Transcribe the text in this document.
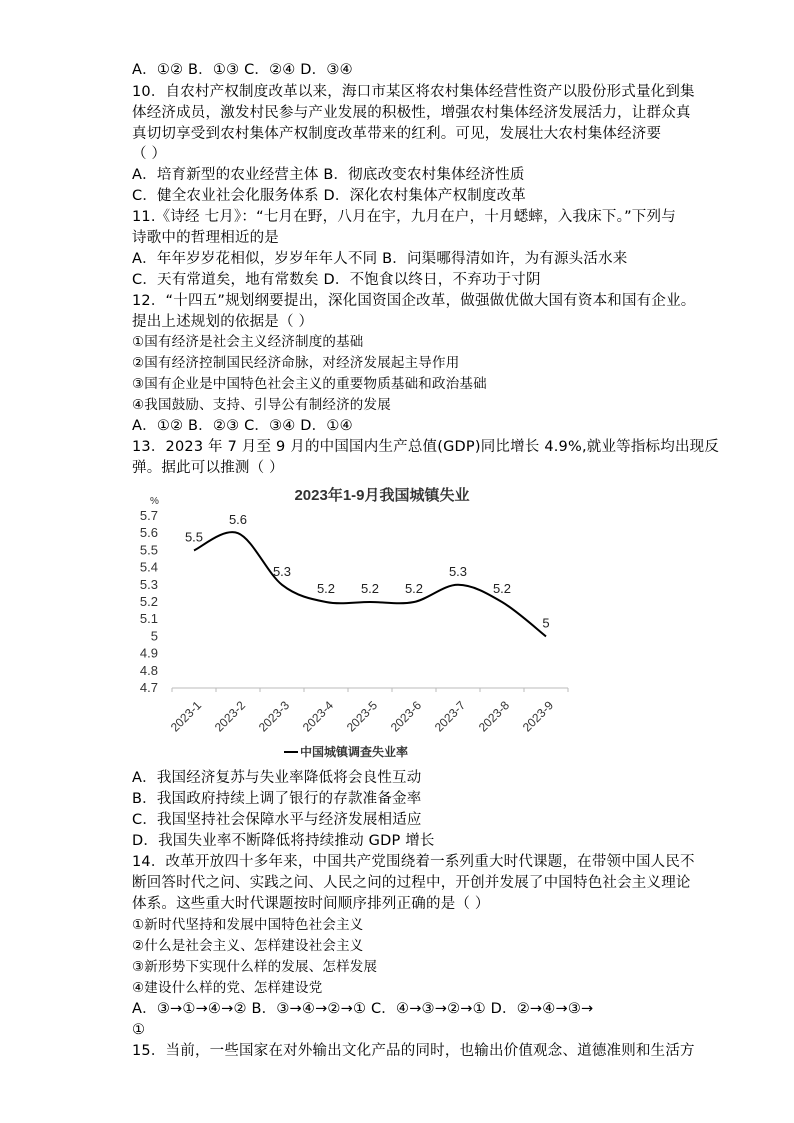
A．①② B．①③ C．②④ D．③④
10．自农村产权制度改革以来，海口市某区将农村集体经营性资产以股份形式量化到集
体经济成员，激发村民参与产业发展的积极性，增强农村集体经济发展活力，让群众真
真切切享受到农村集体产权制度改革带来的红利。可见，发展壮大农村集体经济要
（ ）
A．培育新型的农业经营主体 B．彻底改变农村集体经济性质
C．健全农业社会化服务体系 D．深化农村集体产权制度改革
11.《诗经 七月》：“七月在野，八月在宇，九月在户，十月蟋蟀，入我床下。”下列与
诗歌中的哲理相近的是
A．年年岁岁花相似，岁岁年年人不同 B．问渠哪得清如许，为有源头活水来
C．天有常道矣，地有常数矣 D．不饱食以终日，不弃功于寸阴
12．“十四五”规划纲要提出，深化国资国企改革，做强做优做大国有资本和国有企业。
提出上述规划的依据是（ ）
①国有经济是社会主义经济制度的基础
②国有经济控制国民经济命脉，对经济发展起主导作用
③国有企业是中国特色社会主义的重要物质基础和政治基础
④我国鼓励、支持、引导公有制经济的发展
A．①② B．②③ C．③④ D．①④
13．2023 年 7 月至 9 月的中国国内生产总值(GDP)同比增长 4.9%,就业等指标均出现反
弹。据此可以推测（ ）
2023年1-9月我国城镇失业
%
4.7
4.8
4.9
5
5.1
5.2
5.3
5.4
5.5
5.6
5.7
2023-1 2023-2 2023-3 2023-4 2023-5 2023-6 2023-7 2023-8 2023-9
5.5
5.6
5.3
5.2 5.2 5.2
5.3
5.2
5
中国城镇调查失业率
A．我国经济复苏与失业率降低将会良性互动
B．我国政府持续上调了银行的存款准备金率
C．我国坚持社会保障水平与经济发展相适应
D．我国失业率不断降低将持续推动 GDP 增长
14．改革开放四十多年来，中国共产党围绕着一系列重大时代课题，在带领中国人民不
断回答时代之问、实践之问、人民之问的过程中，开创并发展了中国特色社会主义理论
体系。这些重大时代课题按时间顺序排列正确的是（ ）
①新时代坚持和发展中国特色社会主义
②什么是社会主义、怎样建设社会主义
③新形势下实现什么样的发展、怎样发展
④建设什么样的党、怎样建设党
A．③→①→④→② B．③→④→②→① C．④→③→②→① D．②→④→③→
①
15．当前，一些国家在对外输出文化产品的同时，也输出价值观念、道德准则和生活方
